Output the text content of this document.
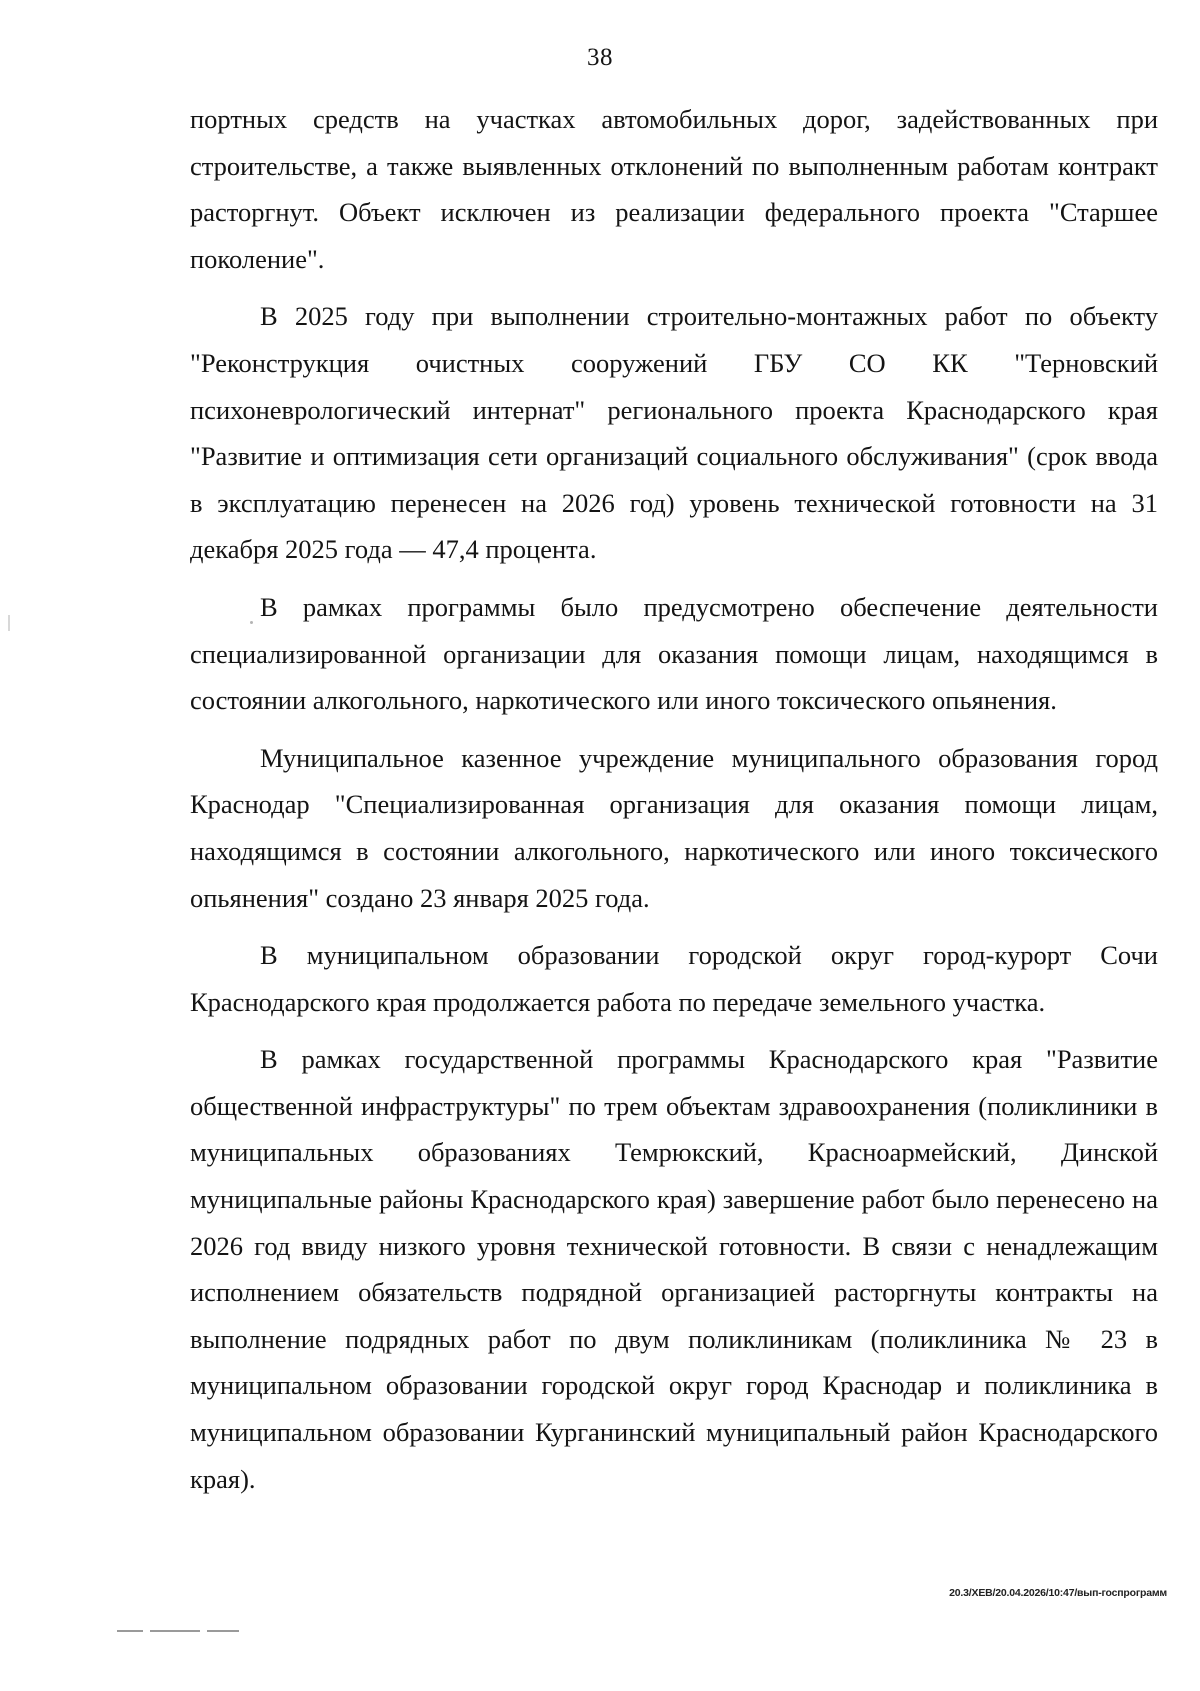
38

портных средств на участках автомобильных дорог, задействованных при строительстве, а также выявленных отклонений по выполненным работам контракт расторгнут. Объект исключен из реализации федерального проекта "Старшее поколение".

В 2025 году при выполнении строительно-монтажных работ по объекту "Реконструкция очистных сооружений ГБУ СО КК "Терновский психоневрологический интернат" регионального проекта Краснодарского края "Развитие и оптимизация сети организаций социального обслуживания" (срок ввода в эксплуатацию перенесен на 2026 год) уровень технической готовности на 31 декабря 2025 года — 47,4 процента.

В рамках программы было предусмотрено обеспечение деятельности специализированной организации для оказания помощи лицам, находящимся в состоянии алкогольного, наркотического или иного токсического опьянения.

Муниципальное казенное учреждение муниципального образования город Краснодар "Специализированная организация для оказания помощи лицам, находящимся в состоянии алкогольного, наркотического или иного токсического опьянения" создано 23 января 2025 года.

В муниципальном образовании городской округ город-курорт Сочи Краснодарского края продолжается работа по передаче земельного участка.

В рамках государственной программы Краснодарского края "Развитие общественной инфраструктуры" по трем объектам здравоохранения (поликлиники в муниципальных образованиях Темрюкский, Красноармейский, Динской муниципальные районы Краснодарского края) завершение работ было перенесено на 2026 год ввиду низкого уровня технической готовности. В связи с ненадлежащим исполнением обязательств подрядной организацией расторгнуты контракты на выполнение подрядных работ по двум поликлиникам (поликлиника № 23 в муниципальном образовании городской округ город Краснодар и поликлиника в муниципальном образовании Курганинский муниципальный район Краснодарского края).

20.3/ХЕВ/20.04.2026/10:47/вып-госпрограмм
